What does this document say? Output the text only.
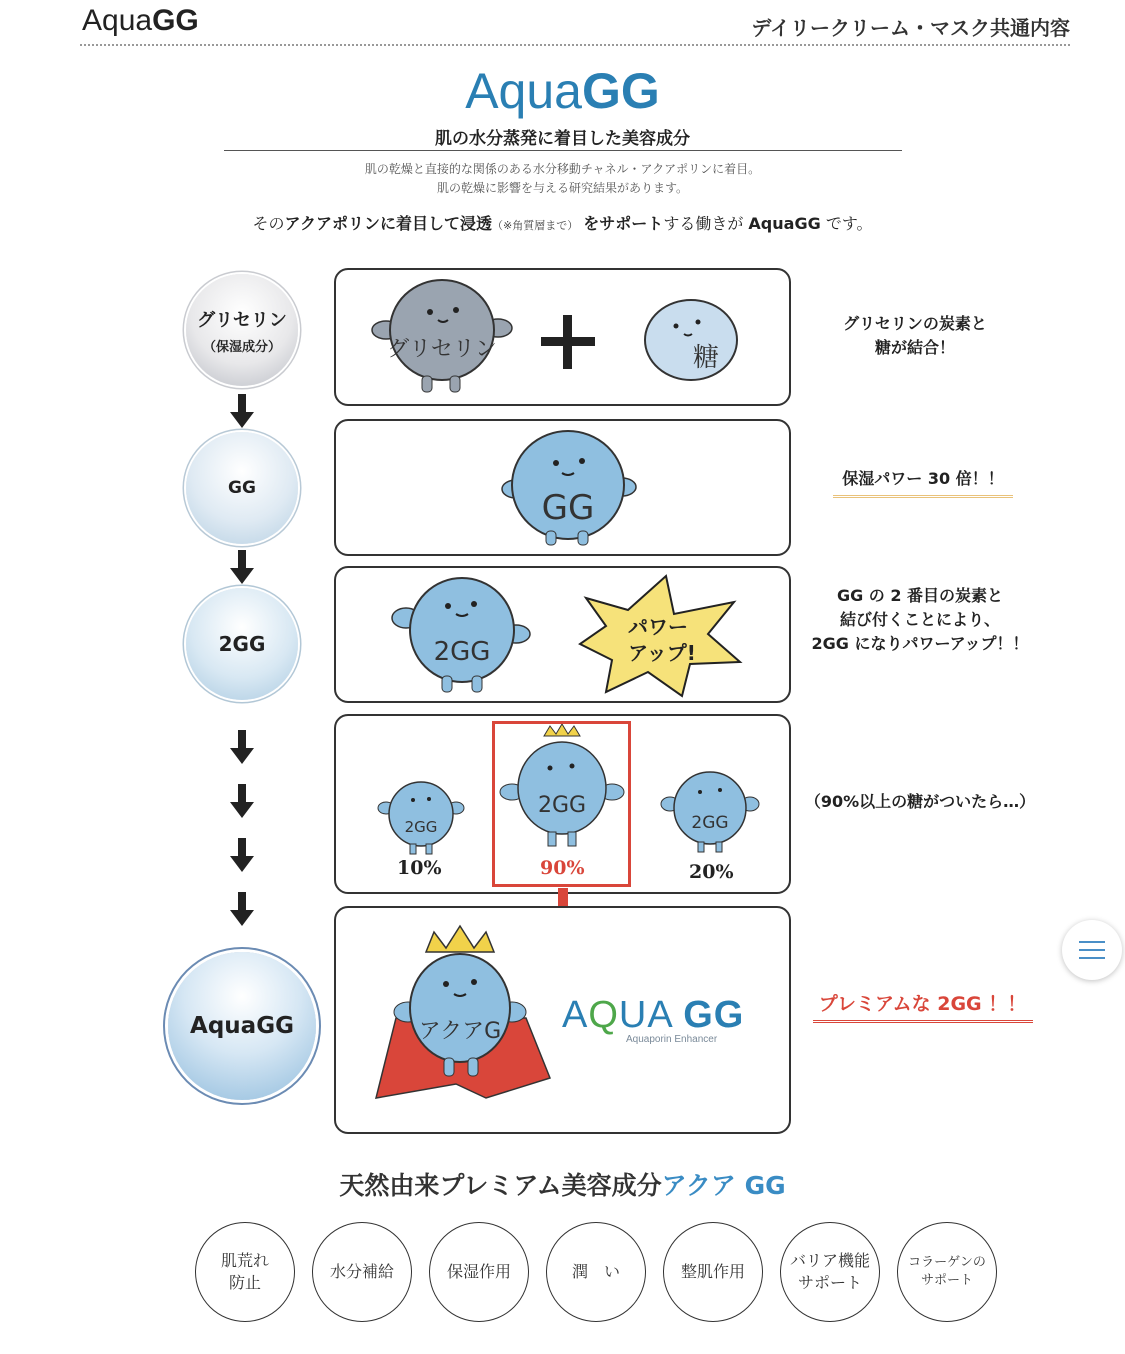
AquaGG	デイリークリーム・マスク共通内容
AquaGG
肌の水分蒸発に着目した美容成分
肌の乾燥と直接的な関係のある水分移動チャネル・アクアポリンに着目。
肌の乾燥に影響を与える研究結果があります。
そのアクアポリンに着目して浸透（※角質層まで） をサポートする働きが AquaGG です。
グリセリン
（保湿成分）
GG
2GG
AquaGG
グリセリン	糖
GG
2GG
パワー
アップ!
2GG
2GG
2GG
10%	90%	20%
アクアG AQUA GG
Aquaporin Enhancer
グリセリンの炭素と
糖が結合！
保湿パワー 30 倍！！
GG の 2 番目の炭素と
結び付くことにより、
2GG になりパワーアップ！！
（90%以上の糖がついたら…）
プレミアムな 2GG ！！
天然由来プレミアム美容成分アクア GG
肌荒れ
防止
水分補給	保湿作用	潤　い	整肌作用
バリア機能
サポート
コラーゲンの
サポート
